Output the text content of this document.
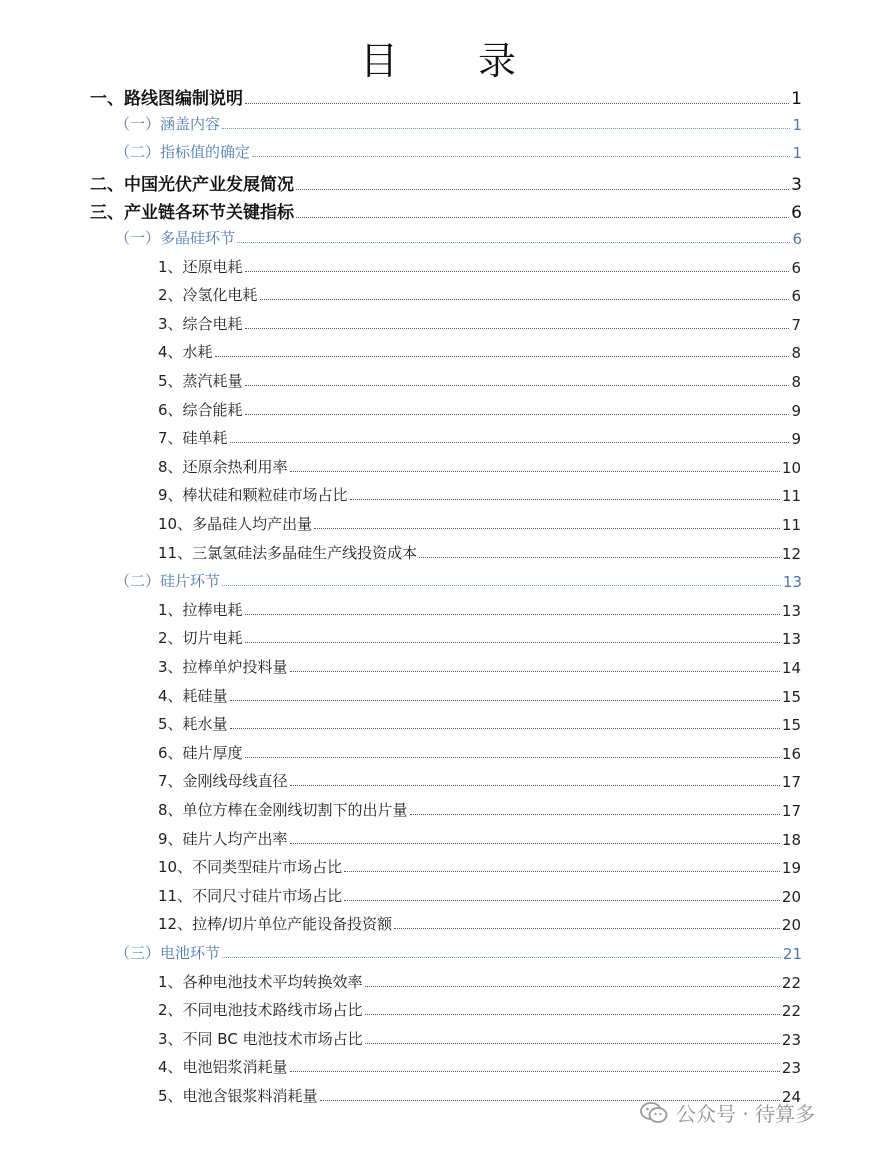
目 录
一、路线图编制说明	1
（一）涵盖内容	1
（二）指标值的确定	1
二、中国光伏产业发展简况	3
三、产业链各环节关键指标	6
（一）多晶硅环节	6
1、还原电耗	6
2、冷氢化电耗	6
3、综合电耗	7
4、水耗	8
5、蒸汽耗量	8
6、综合能耗	9
7、硅单耗	9
8、还原余热利用率	10
9、棒状硅和颗粒硅市场占比	11
10、多晶硅人均产出量	11
11、三氯氢硅法多晶硅生产线投资成本	12
（二）硅片环节	13
1、拉棒电耗	13
2、切片电耗	13
3、拉棒单炉投料量	14
4、耗硅量	15
5、耗水量	15
6、硅片厚度	16
7、金刚线母线直径	17
8、单位方棒在金刚线切割下的出片量	17
9、硅片人均产出率	18
10、不同类型硅片市场占比	19
11、不同尺寸硅片市场占比	20
12、拉棒/切片单位产能设备投资额	20
（三）电池环节	21
1、各种电池技术平均转换效率	22
2、不同电池技术路线市场占比	22
3、不同 BC 电池技术市场占比	23
4、电池铝浆消耗量	23
5、电池含银浆料消耗量	24
公众号 · 待算多
